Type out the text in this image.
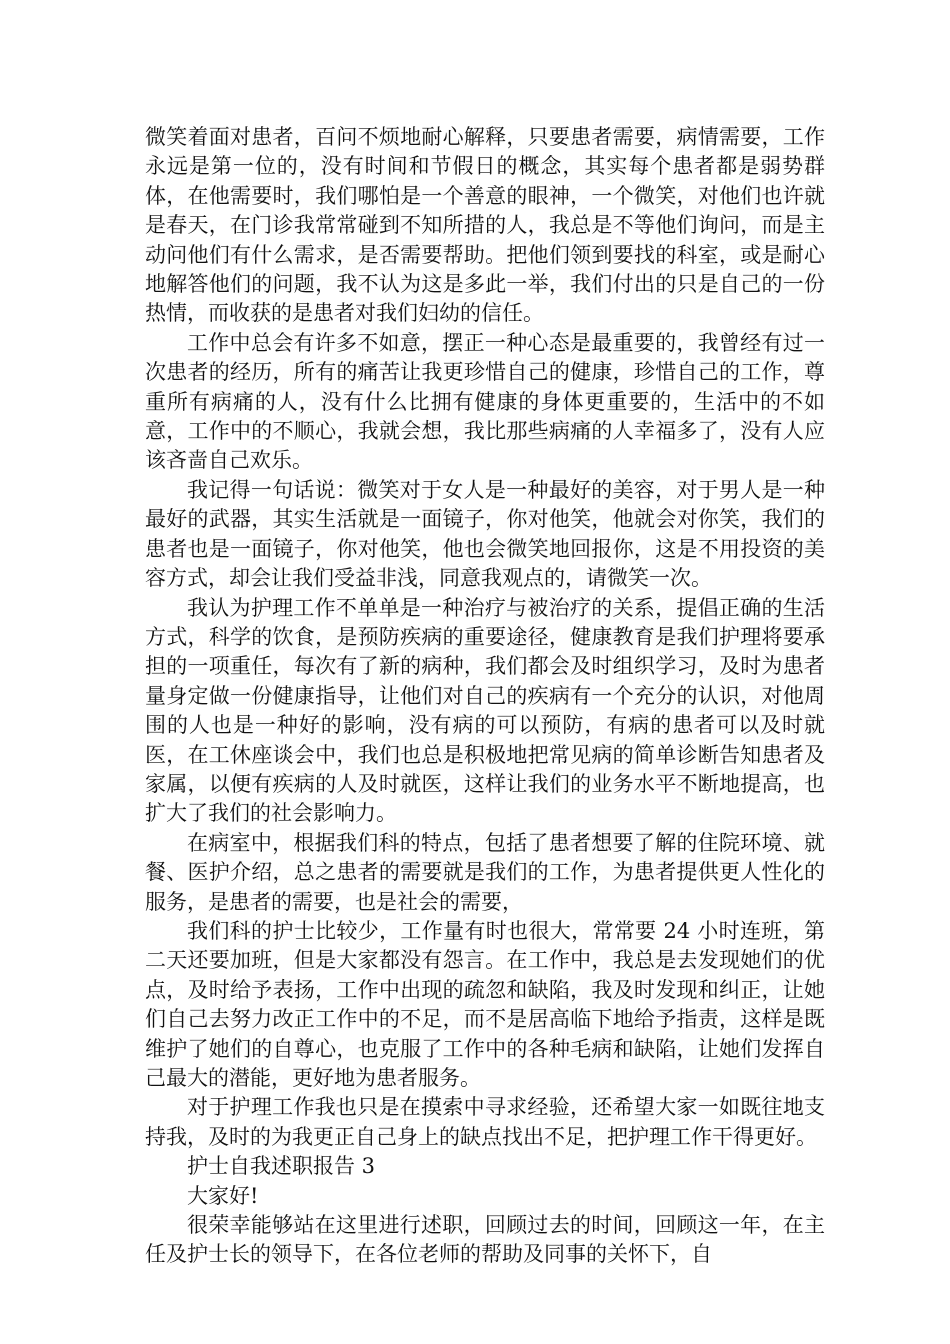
微笑着面对患者，百问不烦地耐心解释，只要患者需要，病情需要，工作永远是第一位的，没有时间和节假日的概念，其实每个患者都是弱势群体，在他需要时，我们哪怕是一个善意的眼神，一个微笑，对他们也许就是春天，在门诊我常常碰到不知所措的人，我总是不等他们询问，而是主动问他们有什么需求，是否需要帮助。把他们领到要找的科室，或是耐心地解答他们的问题，我不认为这是多此一举，我们付出的只是自己的一份热情，而收获的是患者对我们妇幼的信任。

工作中总会有许多不如意，摆正一种心态是最重要的，我曾经有过一次患者的经历，所有的痛苦让我更珍惜自己的健康，珍惜自己的工作，尊重所有病痛的人，没有什么比拥有健康的身体更重要的，生活中的不如意，工作中的不顺心，我就会想，我比那些病痛的人幸福多了，没有人应该吝啬自己欢乐。

我记得一句话说：微笑对于女人是一种最好的美容，对于男人是一种最好的武器，其实生活就是一面镜子，你对他笑，他就会对你笑，我们的患者也是一面镜子，你对他笑，他也会微笑地回报你，这是不用投资的美容方式，却会让我们受益非浅，同意我观点的，请微笑一次。

我认为护理工作不单单是一种治疗与被治疗的关系，提倡正确的生活方式，科学的饮食，是预防疾病的重要途径，健康教育是我们护理将要承担的一项重任，每次有了新的病种，我们都会及时组织学习，及时为患者量身定做一份健康指导，让他们对自己的疾病有一个充分的认识，对他周围的人也是一种好的影响，没有病的可以预防，有病的患者可以及时就医，在工休座谈会中，我们也总是积极地把常见病的简单诊断告知患者及家属，以便有疾病的人及时就医，这样让我们的业务水平不断地提高，也扩大了我们的社会影响力。

在病室中，根据我们科的特点，包括了患者想要了解的住院环境、就餐、医护介绍，总之患者的需要就是我们的工作，为患者提供更人性化的服务，是患者的需要，也是社会的需要，

我们科的护士比较少，工作量有时也很大，常常要 24 小时连班，第二天还要加班，但是大家都没有怨言。在工作中，我总是去发现她们的优点，及时给予表扬，工作中出现的疏忽和缺陷，我及时发现和纠正，让她们自己去努力改正工作中的不足，而不是居高临下地给予指责，这样是既维护了她们的自尊心，也克服了工作中的各种毛病和缺陷，让她们发挥自己最大的潜能，更好地为患者服务。

对于护理工作我也只是在摸索中寻求经验，还希望大家一如既往地支持我，及时的为我更正自己身上的缺点找出不足，把护理工作干得更好。

护士自我述职报告 3

大家好!

很荣幸能够站在这里进行述职，回顾过去的时间，回顾这一年，在主任及护士长的领导下，在各位老师的帮助及同事的关怀下，自
